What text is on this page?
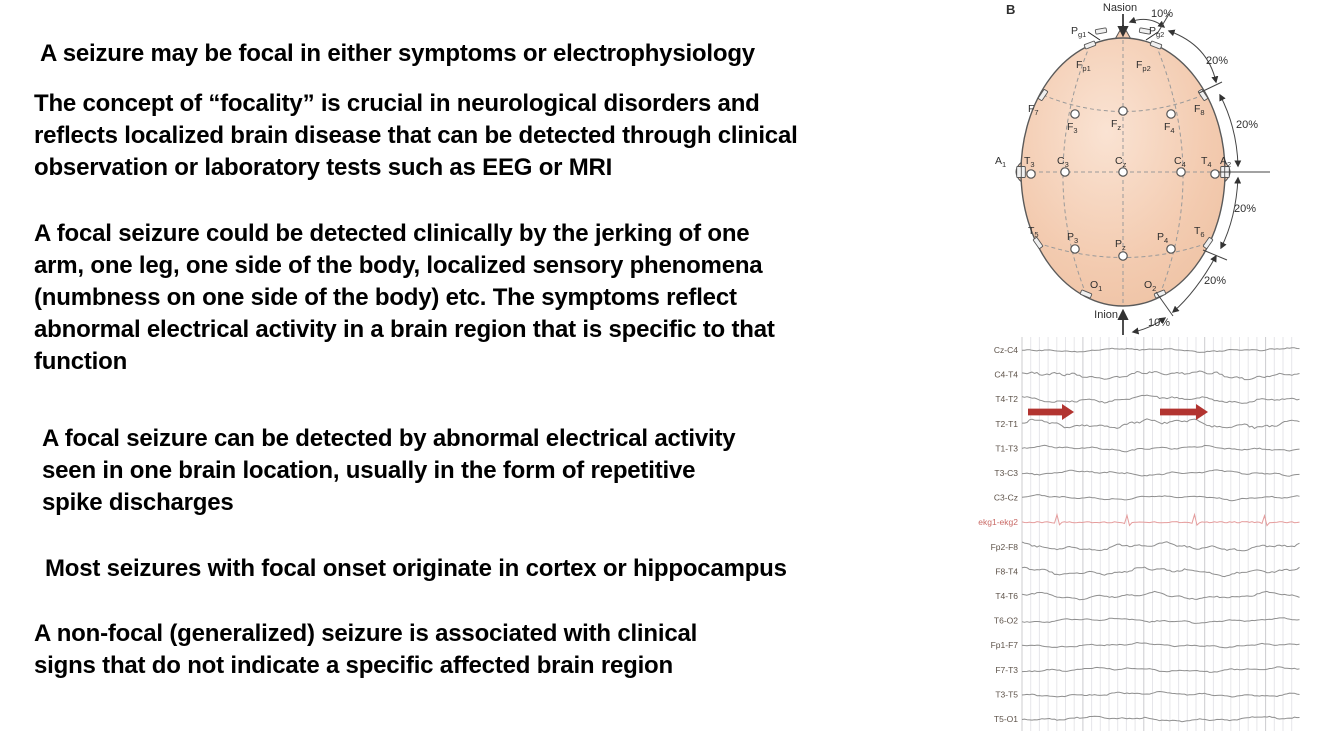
A seizure may be focal in either symptoms or electrophysiology

The concept of “focality” is crucial in neurological disorders and
reflects localized brain disease that can be detected through clinical
observation or laboratory tests such as EEG or MRI

A focal seizure could be detected clinically by the jerking of one
arm, one leg, one side of the body, localized sensory phenomena
(numbness on one side of the body) etc. The symptoms reflect
abnormal electrical activity in a brain region that is specific to that
function

A focal seizure can be detected by abnormal electrical activity
seen in one brain location, usually in the form of repetitive
spike discharges

Most seizures with focal onset originate in cortex or hippocampus

A non-focal (generalized) seizure is associated with clinical
signs that do not indicate a specific affected brain region

B	Nasion
Inion
$P_{g1}$	$P_{g2}$
$F_{p1}$	$F_{p2}$
$F_7$	$F_8$
$T_5$	$T_6$
$O_1$	$O_2$
$F_3$
$F_z$	$F_4$
$C_3$	$C_z$	$C_4$
$T_3$	$T_4$
$P_3$	$P_z$
$P_4$
$A_1$	$A_2$
10%
20%
20%
20%
20%
10%
Cz-C4
C4-T4
T4-T2
T2-T1
T1-T3
T3-C3
C3-Cz
ekg1-ekg2
Fp2-F8
F8-T4
T4-T6
T6-O2
Fp1-F7
F7-T3
T3-T5
T5-O1
